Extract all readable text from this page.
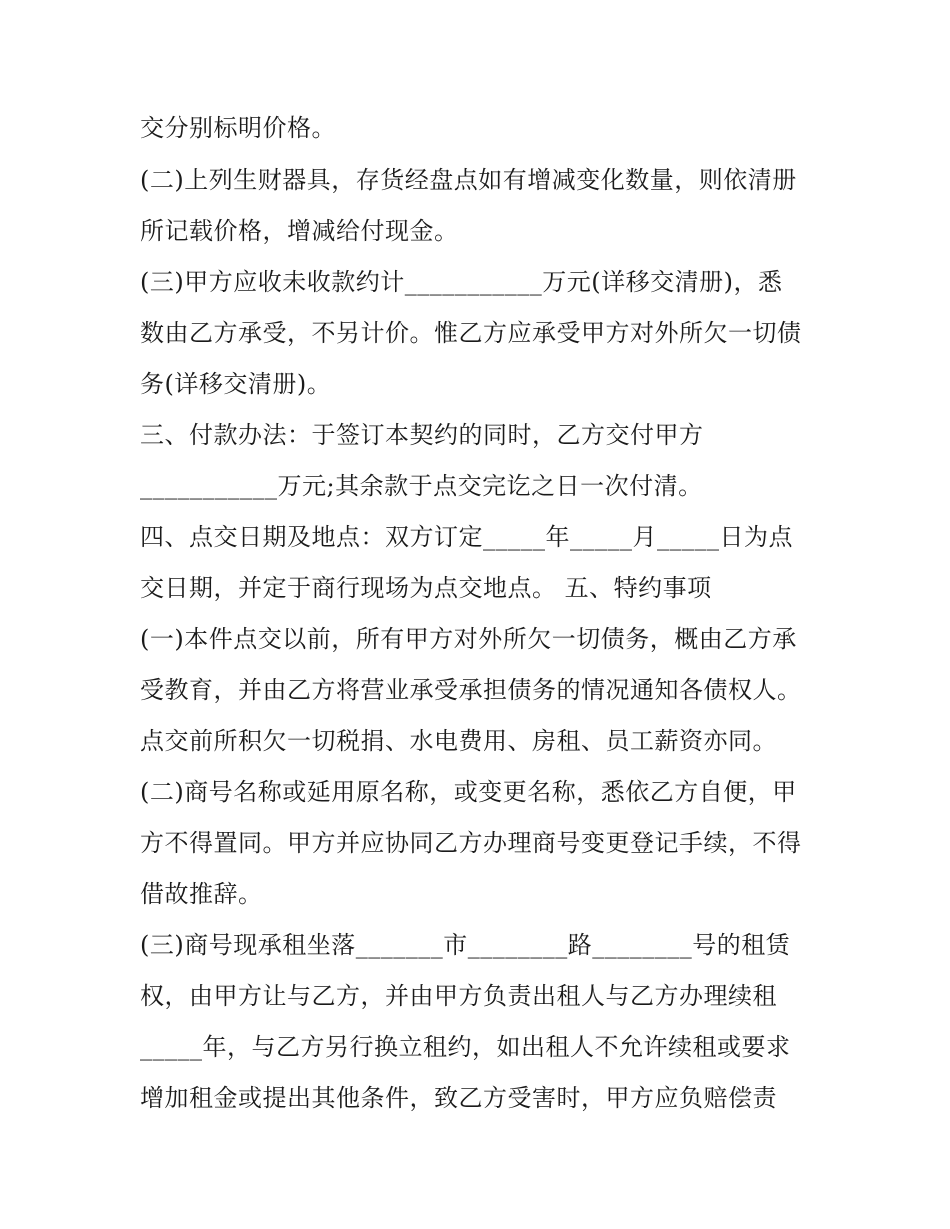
交分别标明价格。
(二)上列生财器具，存货经盘点如有增减变化数量，则依清册
所记载价格，增减给付现金。
(三)甲方应收未收款约计___________万元(详移交清册)，悉
数由乙方承受，不另计价。惟乙方应承受甲方对外所欠一切债
务(详移交清册)。
三、付款办法：于签订本契约的同时，乙方交付甲方
___________万元;其余款于点交完讫之日一次付清。
四、点交日期及地点：双方订定_____年_____月_____日为点
交日期，并定于商行现场为点交地点。 五、特约事项
(一)本件点交以前，所有甲方对外所欠一切债务，概由乙方承
受教育，并由乙方将营业承受承担债务的情况通知各债权人。
点交前所积欠一切税捐、水电费用、房租、员工薪资亦同。
(二)商号名称或延用原名称，或变更名称，悉依乙方自便，甲
方不得置同。甲方并应协同乙方办理商号变更登记手续，不得
借故推辞。
(三)商号现承租坐落_______市________路________号的租赁
权，由甲方让与乙方，并由甲方负责出租人与乙方办理续租
_____年，与乙方另行换立租约，如出租人不允许续租或要求
增加租金或提出其他条件，致乙方受害时，甲方应负赔偿责
